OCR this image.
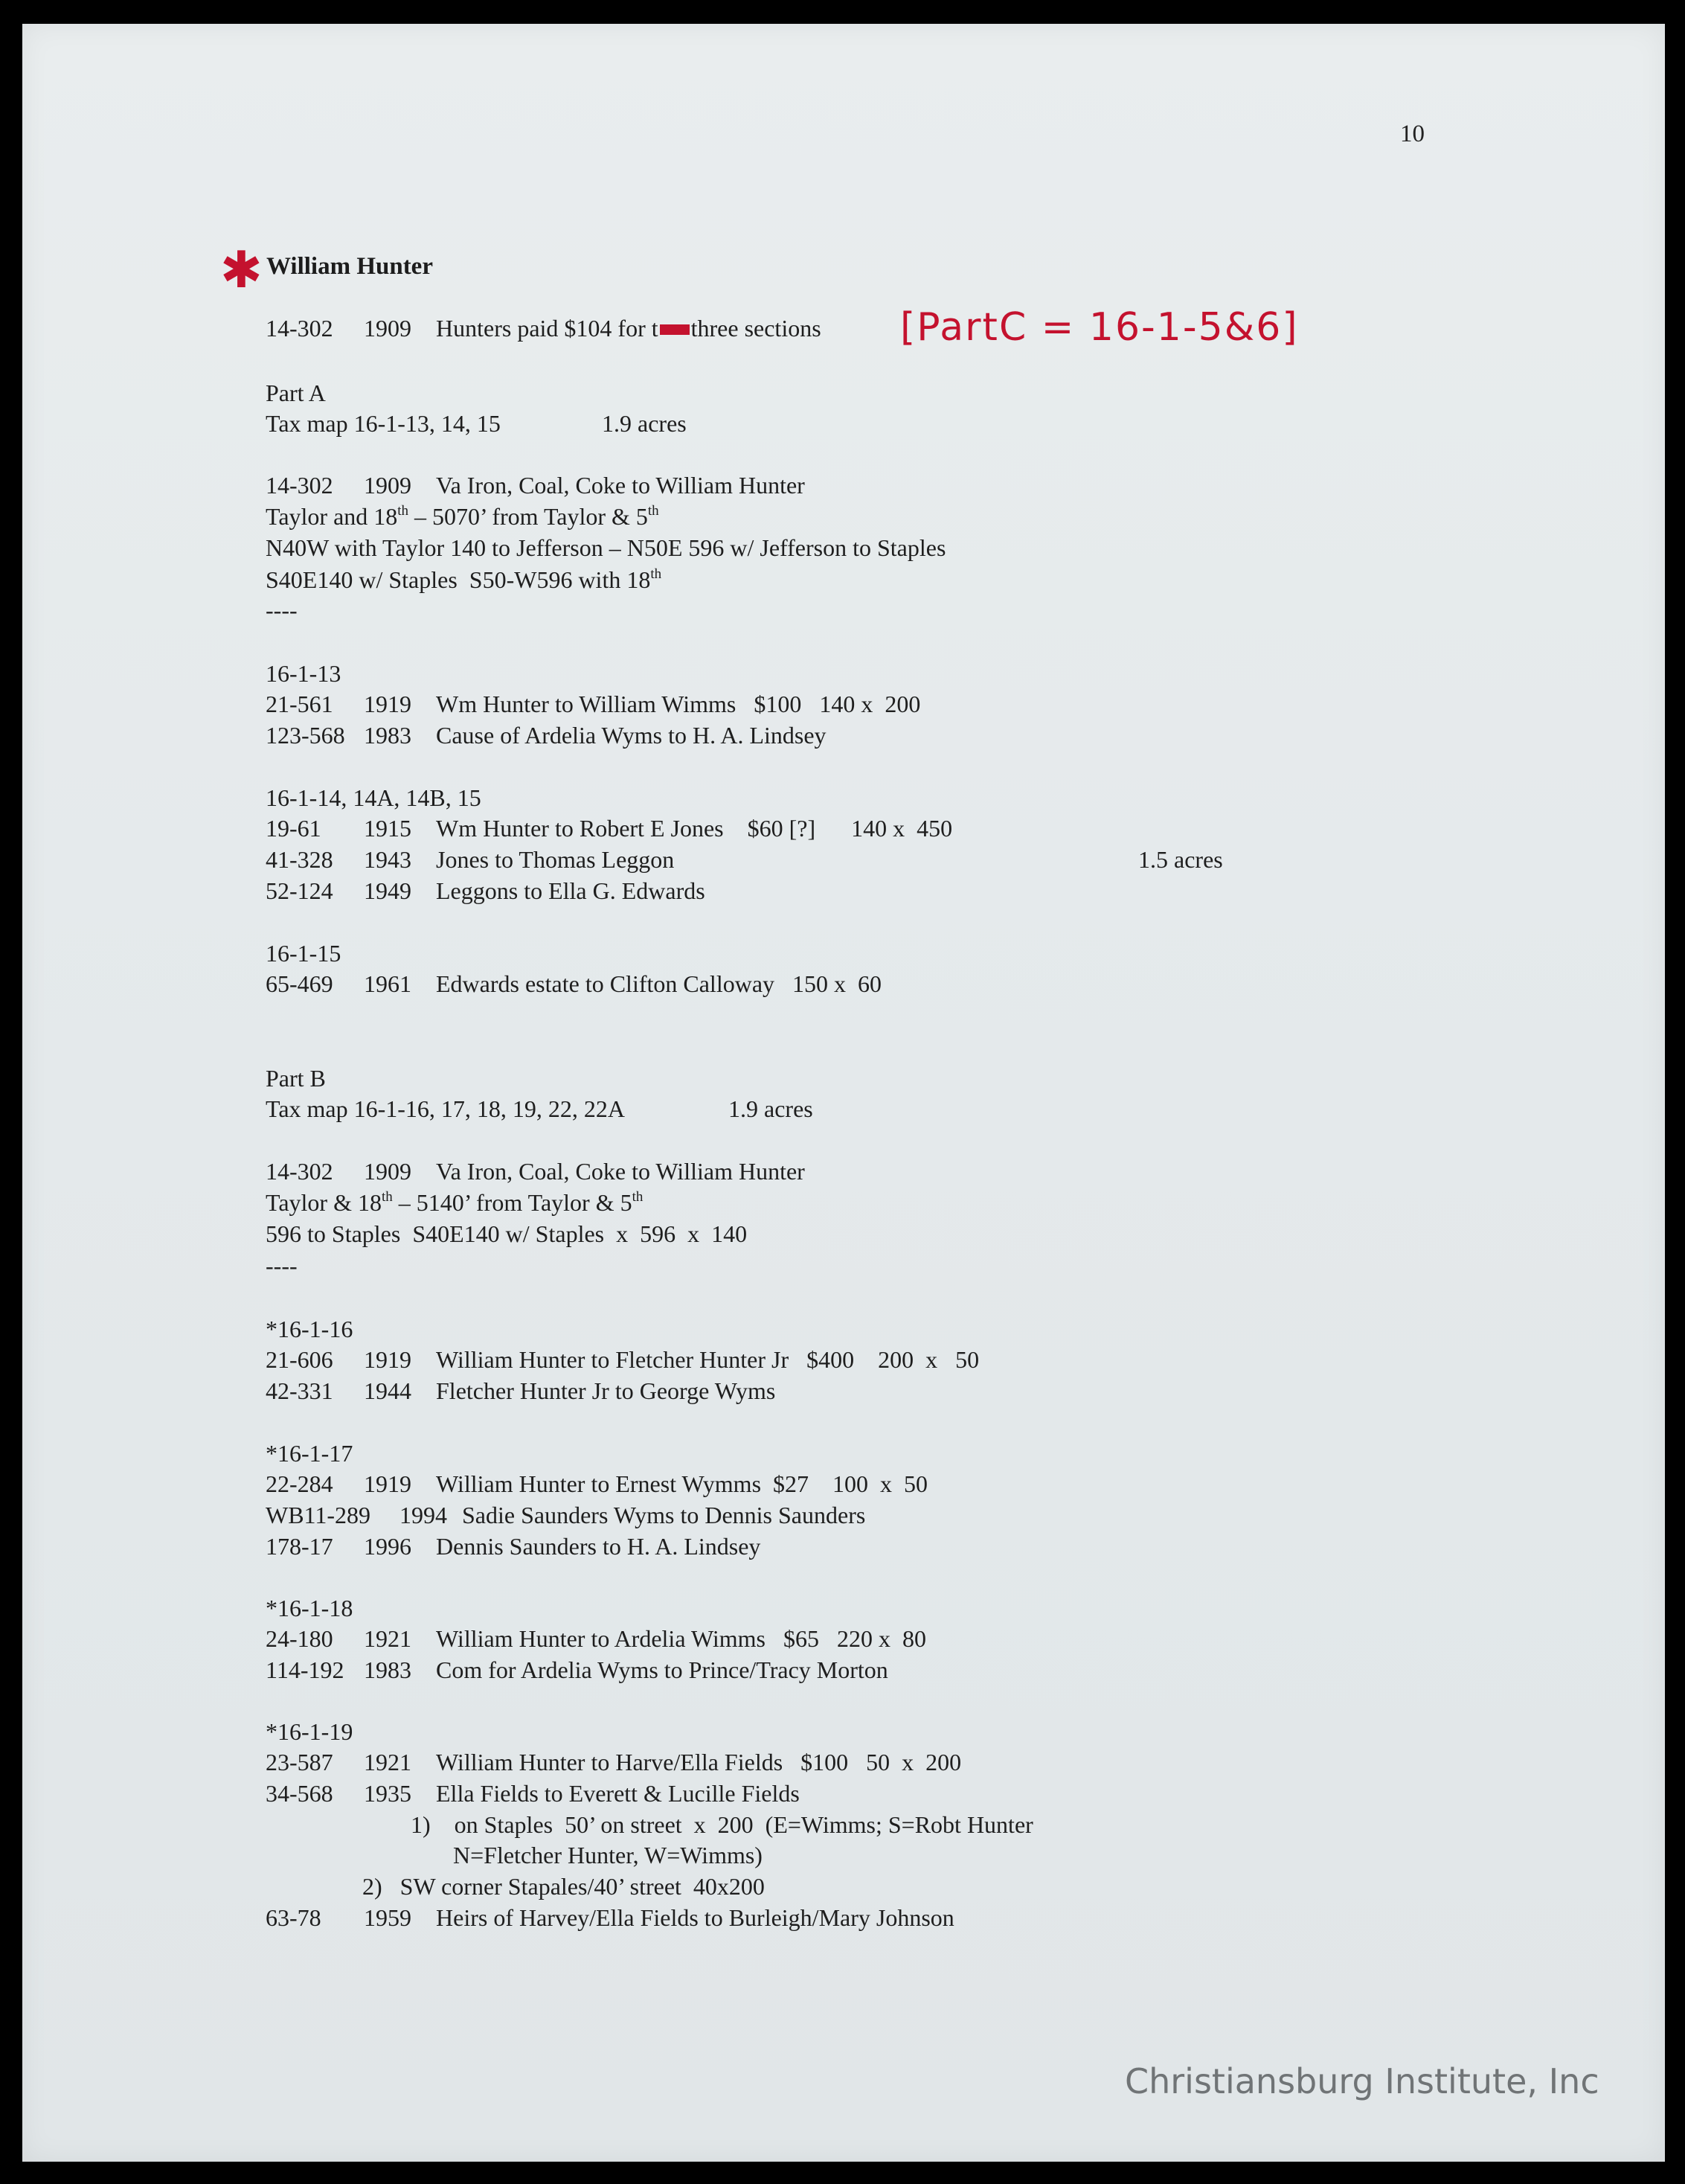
10
✱ William Hunter
[PartC = 16-1-5&6]
14-302 1909 Hunters paid $104 for t three sections
Part A
Tax map 16-1-13, 14, 15	1.9 acres
14-302 1909 Va Iron, Coal, Coke to William Hunter
Taylor and 18th – 5070’ from Taylor & 5th
N40W with Taylor 140 to Jefferson – N50E 596 w/ Jefferson to Staples
S40E140 w/ Staples  S50-W596 with 18th
----
16-1-13
21-561 1919 Wm Hunter to William Wimms   $100   140 x  200
123-568 1983 Cause of Ardelia Wyms to H. A. Lindsey
16-1-14, 14A, 14B, 15
19-61 1915 Wm Hunter to Robert E Jones    $60 [?]      140 x  450
41-328 1943 Jones to Thomas Leggon	1.5 acres
52-124 1949 Leggons to Ella G. Edwards
16-1-15
65-469 1961 Edwards estate to Clifton Calloway   150 x  60
Part B
Tax map 16-1-16, 17, 18, 19, 22, 22A	1.9 acres
14-302 1909 Va Iron, Coal, Coke to William Hunter
Taylor & 18th – 5140’ from Taylor & 5th
596 to Staples  S40E140 w/ Staples  x  596  x  140
----
*16-1-16
21-606 1919 William Hunter to Fletcher Hunter Jr   $400    200  x   50
42-331 1944 Fletcher Hunter Jr to George Wyms
*16-1-17
22-284 1919 William Hunter to Ernest Wymms  $27    100  x  50
WB11-289 1994 Sadie Saunders Wyms to Dennis Saunders
178-17 1996 Dennis Saunders to H. A. Lindsey
*16-1-18
24-180 1921 William Hunter to Ardelia Wimms   $65   220 x  80
114-192 1983 Com for Ardelia Wyms to Prince/Tracy Morton
*16-1-19
23-587 1921 William Hunter to Harve/Ella Fields   $100   50  x  200
34-568 1935 Ella Fields to Everett & Lucille Fields
1)    on Staples  50’ on street  x  200  (E=Wimms; S=Robt Hunter
N=Fletcher Hunter, W=Wimms)
2)   SW corner Stapales/40’ street  40x200
63-78 1959 Heirs of Harvey/Ella Fields to Burleigh/Mary Johnson
Christiansburg Institute, Inc
